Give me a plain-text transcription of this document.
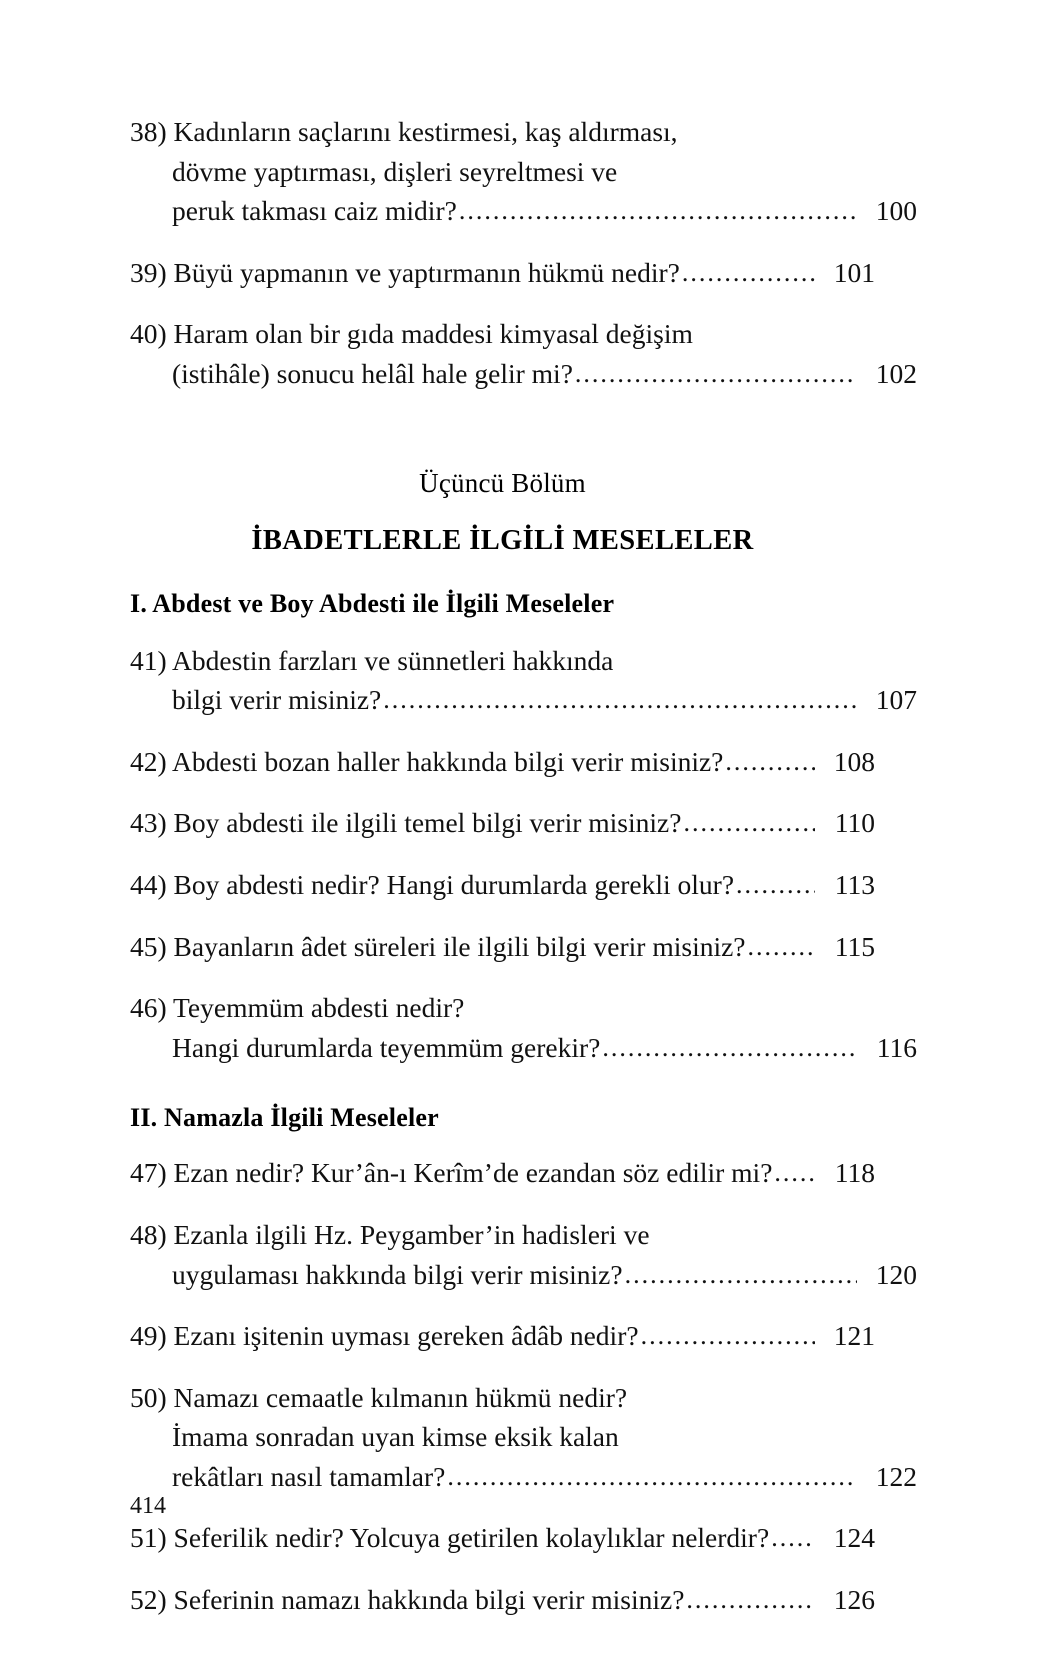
38) Kadınların saçlarını kestirmesi, kaş aldırması,
dövme yaptırması, dişleri seyreltmesi ve
peruk takması caiz midir? .....	100
39) Büyü yapmanın ve yaptırmanın hükmü nedir? .....	101
40) Haram olan bir gıda maddesi kimyasal değişim
(istihâle) sonucu helâl hale gelir mi? .....	102
Üçüncü Bölüm
İBADETLERLE İLGİLİ MESELELER
I. Abdest ve Boy Abdesti ile İlgili Meseleler
41) Abdestin farzları ve sünnetleri hakkında
bilgi verir misiniz? .....	107
42) Abdesti bozan haller hakkında bilgi verir misiniz? .....	108
43) Boy abdesti ile ilgili temel bilgi verir misiniz? .....	110
44) Boy abdesti nedir? Hangi durumlarda gerekli olur? .....	113
45) Bayanların âdet süreleri ile ilgili bilgi verir misiniz? .....	115
46) Teyemmüm abdesti nedir?
Hangi durumlarda teyemmüm gerekir? .....	116
II. Namazla İlgili Meseleler
47) Ezan nedir? Kur’ân-ı Kerîm’de ezandan söz edilir mi? .....	118
48) Ezanla ilgili Hz. Peygamber’in hadisleri ve
uygulaması hakkında bilgi verir misiniz? .....	120
49) Ezanı işitenin uyması gereken âdâb nedir? .....	121
50) Namazı cemaatle kılmanın hükmü nedir?
İmama sonradan uyan kimse eksik kalan
rekâtları nasıl tamamlar? .....	122
51) Seferilik nedir? Yolcuya getirilen kolaylıklar nelerdir? .....	124
52) Seferinin namazı hakkında bilgi verir misiniz? .....	126
414
